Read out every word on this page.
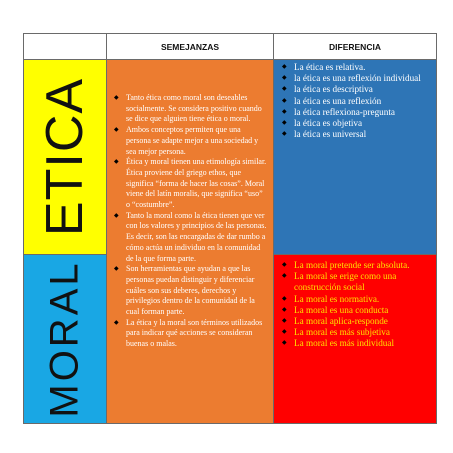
SEMEJANZAS	DIFERENCIA
ETICA
MORAL
◆ Tanto ética como moral son deseables socialmente. Se considera positivo cuando se dice que alguien tiene ética o moral.
◆ Ambos conceptos permiten que una persona se adapte mejor a una sociedad y sea mejor persona.
◆ Ética y moral tienen una etimología similar. Ética proviene del griego ethos, que significa “forma de hacer las cosas”. Moral viene del latín moralis, que significa “uso” o “costumbre”.
◆ Tanto la moral como la ética tienen que ver con los valores y principios de las personas. Es decir, son las encargadas de dar rumbo a cómo actúa un individuo en la comunidad de la que forma parte.
◆ Son herramientas que ayudan a que las personas puedan distinguir y diferenciar cuáles son sus deberes, derechos y privilegios dentro de la comunidad de la cual forman parte.
◆ La ética y la moral son términos utilizados para indicar qué acciones se consideran buenas o malas.
◆ La ética es relativa.
◆ la ética es una reflexión individual
◆ la ética es descriptiva
◆ la ética es una reflexión
◆ la ética reflexiona-pregunta
◆ la ética es objetiva
◆ la ética es universal
◆ La moral pretende ser absoluta.
◆ La moral se erige como una construcción social
◆ La moral es normativa.
◆ La moral es una conducta
◆ La moral aplica-responde
◆ La moral es más subjetiva
◆ La moral es más individual
